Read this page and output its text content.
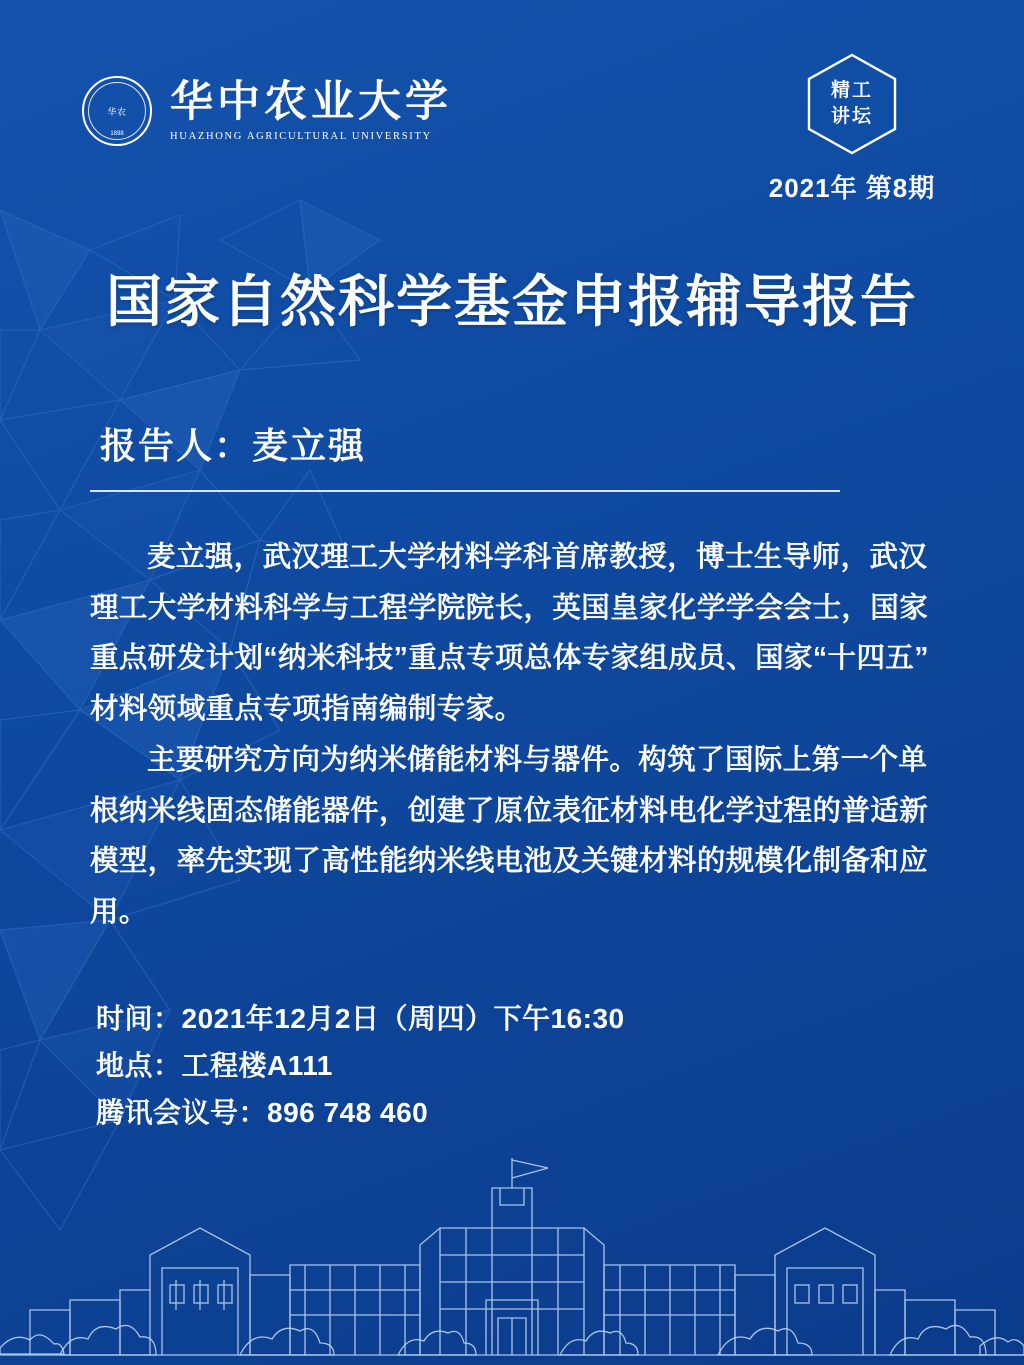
华农
1898
华中农业大学
HUAZHONG AGRICULTURAL UNIVERSITY
精工
讲坛
2021年 第8期
国家自然科学基金申报辅导报告
报告人：麦立强

麦立强，武汉理工大学材料学科首席教授，博士生导师，武汉理工大学材料科学与工程学院院长，英国皇家化学学会会士，国家重点研发计划“纳米科技”重点专项总体专家组成员、国家“十四五”材料领域重点专项指南编制专家。

主要研究方向为纳米储能材料与器件。构筑了国际上第一个单根纳米线固态储能器件，创建了原位表征材料电化学过程的普适新模型，率先实现了高性能纳米线电池及关键材料的规模化制备和应用。

时间：2021年12月2日（周四）下午16:30
地点：工程楼A111
腾讯会议号：896 748 460
